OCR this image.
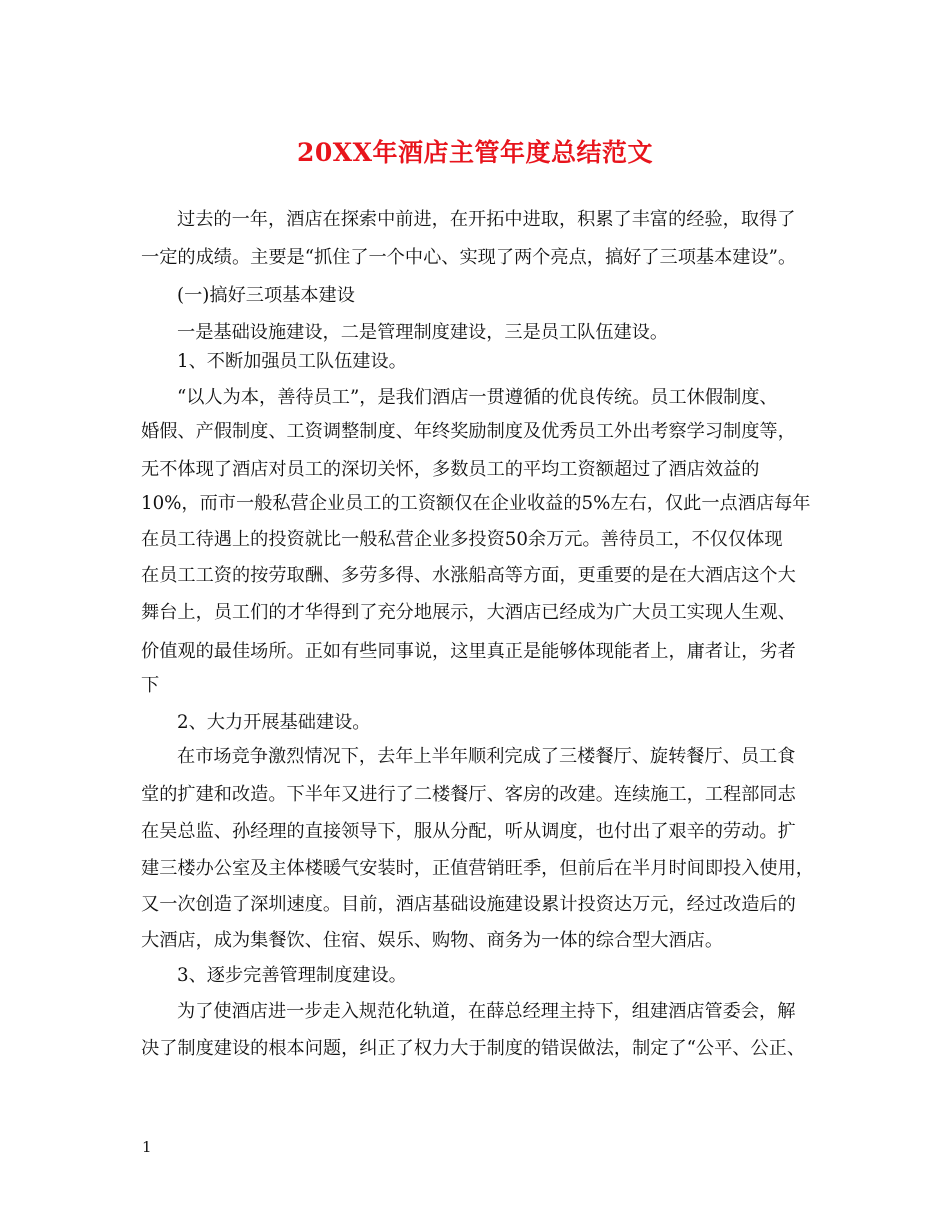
20XX年酒店主管年度总结范文
过去的一年，酒店在探索中前进，在开拓中进取，积累了丰富的经验，取得了
一定的成绩。主要是“抓住了一个中心、实现了两个亮点，搞好了三项基本建设”。
(一)搞好三项基本建设
一是基础设施建设，二是管理制度建设，三是员工队伍建设。
1、不断加强员工队伍建设。
“以人为本，善待员工”，是我们酒店一贯遵循的优良传统。员工休假制度、
婚假、产假制度、工资调整制度、年终奖励制度及优秀员工外出考察学习制度等，
无不体现了酒店对员工的深切关怀，多数员工的平均工资额超过了酒店效益的
10%，而市一般私营企业员工的工资额仅在企业收益的5%左右，仅此一点酒店每年
在员工待遇上的投资就比一般私营企业多投资50余万元。善待员工，不仅仅体现
在员工工资的按劳取酬、多劳多得、水涨船高等方面，更重要的是在大酒店这个大
舞台上，员工们的才华得到了充分地展示，大酒店已经成为广大员工实现人生观、
价值观的最佳场所。正如有些同事说，这里真正是能够体现能者上，庸者让，劣者
下
2、大力开展基础建设。
在市场竞争激烈情况下，去年上半年顺利完成了三楼餐厅、旋转餐厅、员工食
堂的扩建和改造。下半年又进行了二楼餐厅、客房的改建。连续施工，工程部同志
在吴总监、孙经理的直接领导下，服从分配，听从调度，也付出了艰辛的劳动。扩
建三楼办公室及主体楼暖气安装时，正值营销旺季，但前后在半月时间即投入使用，
又一次创造了深圳速度。目前，酒店基础设施建设累计投资达万元，经过改造后的
大酒店，成为集餐饮、住宿、娱乐、购物、商务为一体的综合型大酒店。
3、逐步完善管理制度建设。
为了使酒店进一步走入规范化轨道，在薛总经理主持下，组建酒店管委会，解
决了制度建设的根本问题，纠正了权力大于制度的错误做法，制定了“公平、公正、
1
